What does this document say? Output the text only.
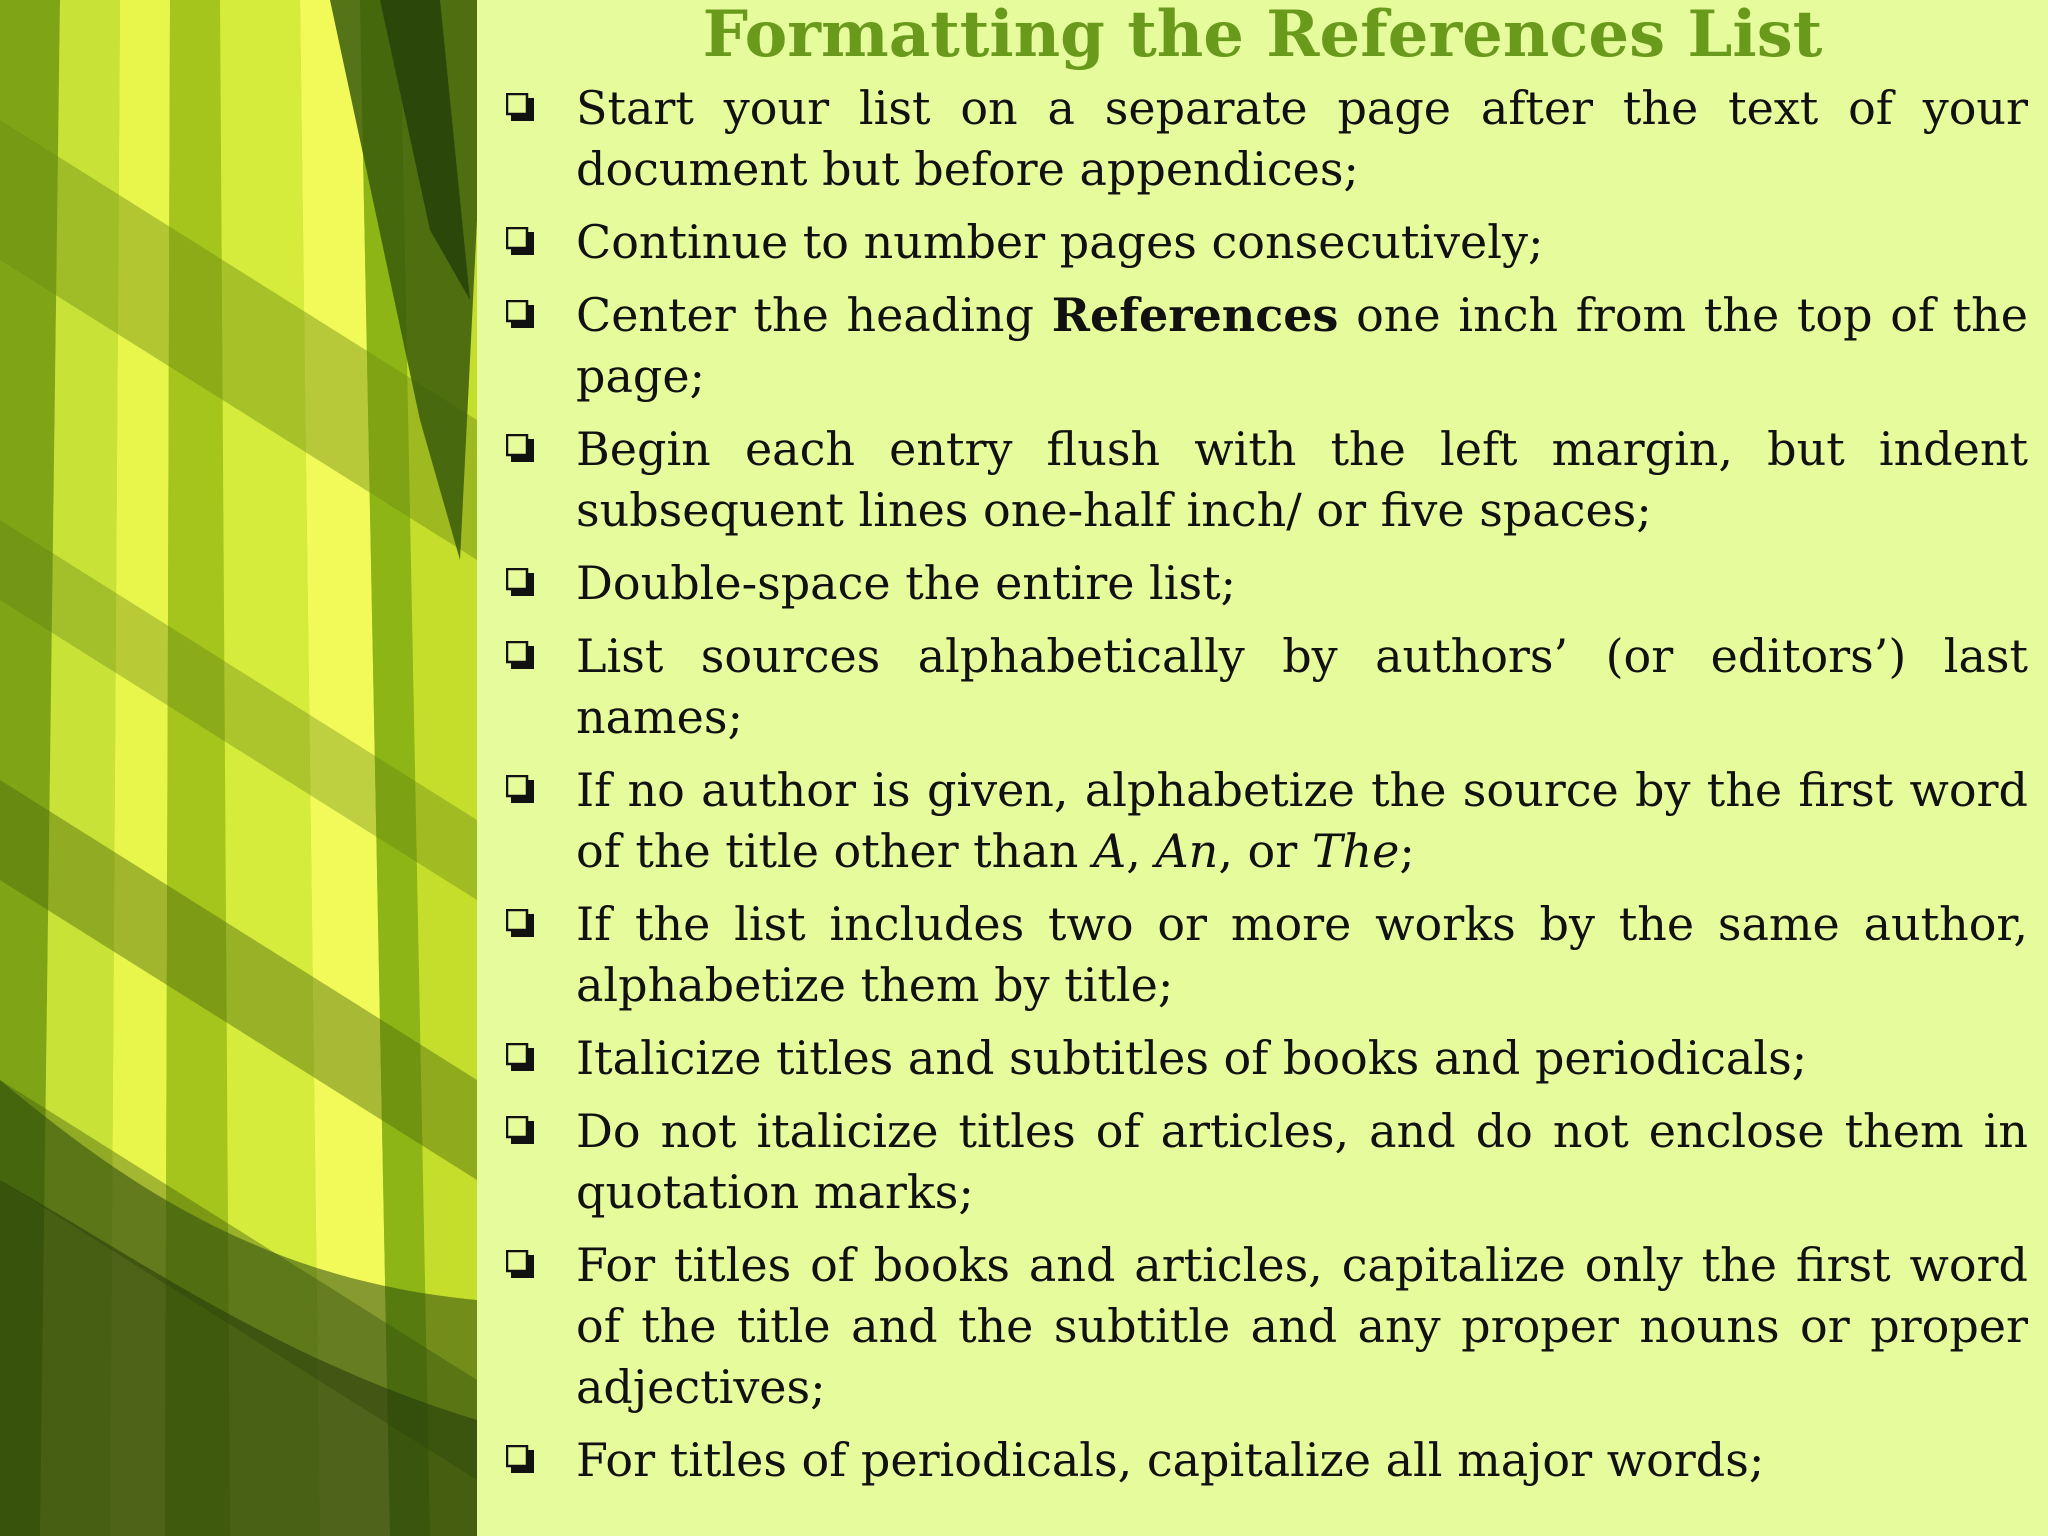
Formatting the References List
Start your list on a separate page after the text of your document but before appendices;
Continue to number pages consecutively;
Center the heading References one inch from the top of the page;
Begin each entry flush with the left margin, but indent subsequent lines one-half inch/ or five spaces;
Double-space the entire list;
List sources alphabetically by authors’ (or editors’) last names;
If no author is given, alphabetize the source by the first word of the title other than A, An, or The;
If the list includes two or more works by the same author, alphabetize them by title;
Italicize titles and subtitles of books and periodicals;
Do not italicize titles of articles, and do not enclose them in quotation marks;
For titles of books and articles, capitalize only the first word of the title and the subtitle and any proper nouns or proper adjectives;
For titles of periodicals, capitalize all major words;
